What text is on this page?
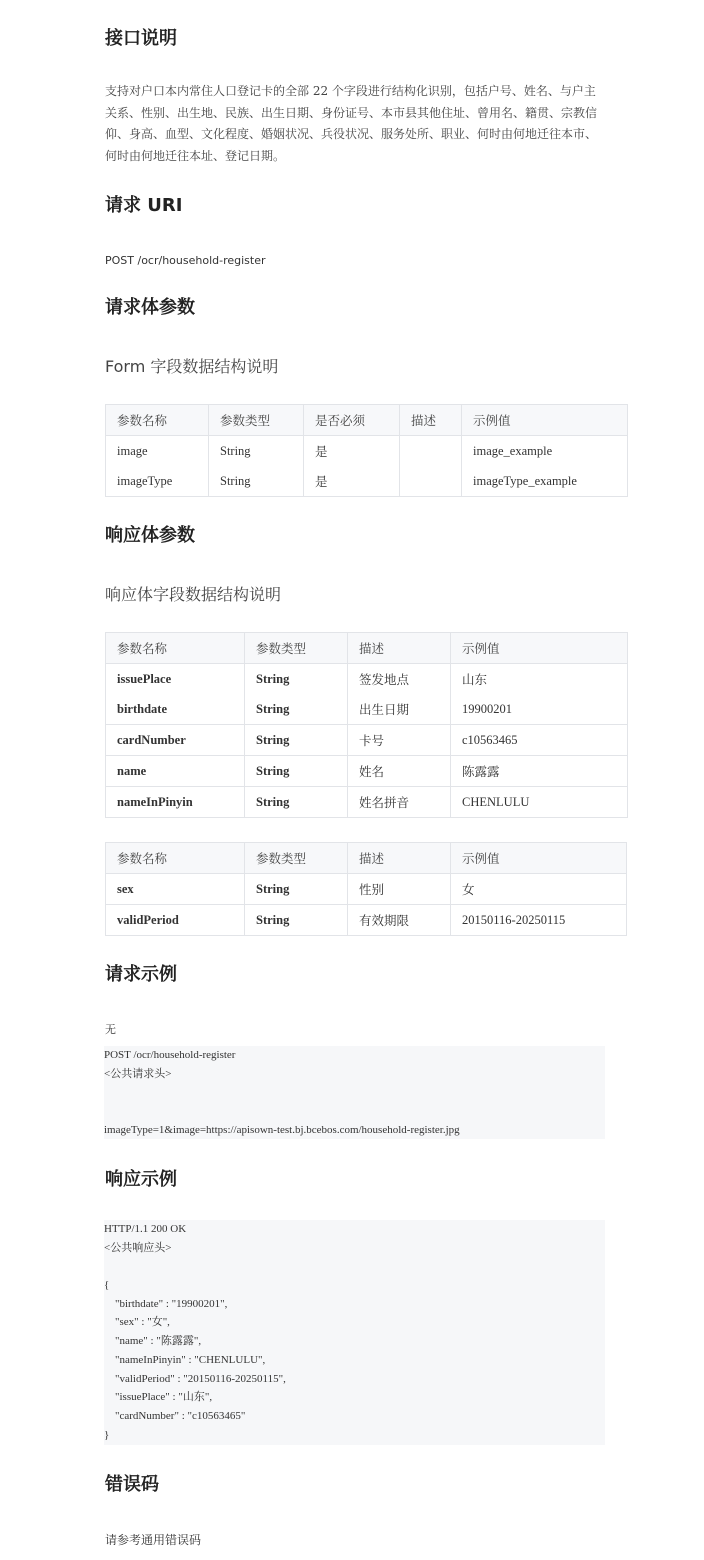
接口说明
支持对户口本内常住人口登记卡的全部 22 个字段进行结构化识别，包括户号、姓名、与户主关系、性别、出生地、民族、出生日期、身份证号、本市县其他住址、曾用名、籍贯、宗教信仰、身高、血型、文化程度、婚姻状况、兵役状况、服务处所、职业、何时由何地迁往本市、何时由何地迁往本址、登记日期。
请求 URI
POST /ocr/household-register
请求体参数
Form 字段数据结构说明
参数名称	参数类型	是否必须	描述	示例值
image	String	是		image_example
imageType	String	是		imageType_example
响应体参数
响应体字段数据结构说明
参数名称	参数类型	描述	示例值
issuePlace	String	签发地点	山东
birthdate	String	出生日期	19900201
cardNumber	String	卡号	c10563465
name	String	姓名	陈露露
nameInPinyin	String	姓名拼音	CHENLULU
参数名称	参数类型	描述	示例值
sex	String	性别	女
validPeriod	String	有效期限	20150116-20250115
请求示例
无
POST /ocr/household-register
<公共请求头>
imageType=1&image=https://apisown-test.bj.bcebos.com/household-register.jpg
响应示例
HTTP/1.1 200 OK
<公共响应头>
{
"birthdate" : "19900201",
"sex" : "女",
"name" : "陈露露",
"nameInPinyin" : "CHENLULU",
"validPeriod" : "20150116-20250115",
"issuePlace" : "山东",
"cardNumber" : "c10563465"
}
错误码
请参考通用错误码
